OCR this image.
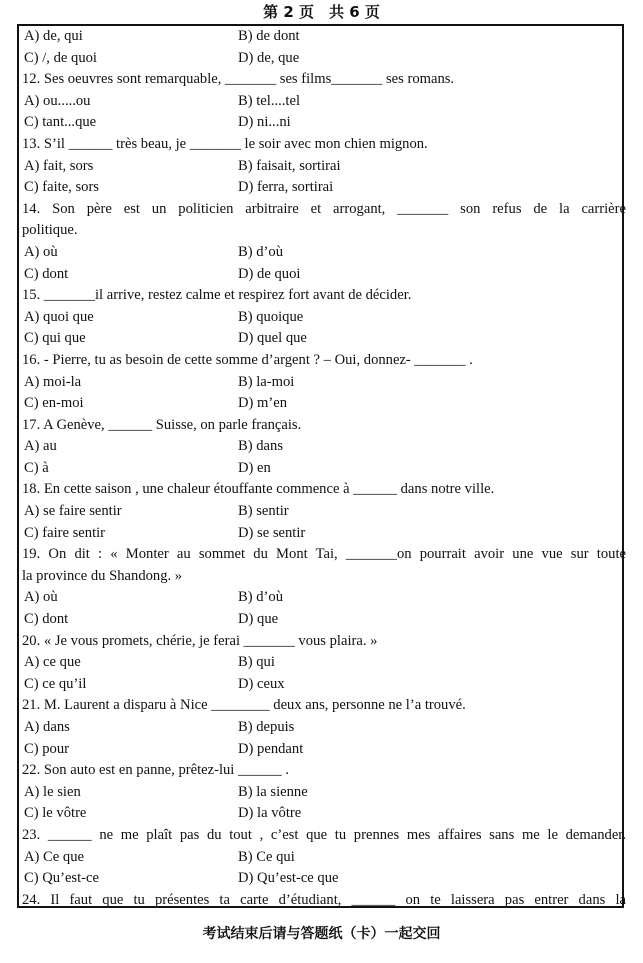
第 2 页　共 6 页
A) de, qui	B) de dont
C) /, de quoi	D) de, que
12. Ses oeuvres sont remarquable, _______ ses films_______ ses romans.
A) ou.....ou	B) tel....tel
C) tant...que	D) ni...ni
13. S’il ______ très beau, je _______ le soir avec mon chien mignon.
A) fait, sors	B) faisait, sortirai
C) faite, sors	D) ferra, sortirai
14. Son père est un politicien arbitraire et arrogant, _______ son refus de la carrière
politique.
A) où	B) d’où
C) dont	D) de quoi
15. _______il arrive, restez calme et respirez fort avant de décider.
A) quoi que	B) quoique
C) qui que	D) quel que
16. - Pierre, tu as besoin de cette somme d’argent ? – Oui, donnez- _______ .
A) moi-la	B) la-moi
C) en-moi	D) m’en
17. A Genève, ______ Suisse, on parle français.
A) au	B) dans
C) à	D) en
18. En cette saison , une chaleur étouffante commence à ______ dans notre ville.
A) se faire sentir	B) sentir
C) faire sentir	D) se sentir
19. On dit : « Monter au sommet du Mont Tai, _______on pourrait avoir une vue sur toute
la province du Shandong. »
A) où	B) d’où
C) dont	D) que
20. « Je vous promets, chérie, je ferai _______ vous plaira. »
A) ce que	B) qui
C) ce qu’il	D) ceux
21. M. Laurent a disparu à Nice ________ deux ans, personne ne l’a trouvé.
A) dans	B) depuis
C) pour	D) pendant
22. Son auto est en panne, prêtez-lui ______ .
A) le sien	B) la sienne
C) le vôtre	D) la vôtre
23. ______ ne me plaît pas du tout , c’est que tu prennes mes affaires sans me le demander.
A) Ce que	B) Ce qui
C) Qu’est-ce	D) Qu’est-ce que
24. Il faut que tu présentes ta carte d’étudiant, ______ on te laissera pas entrer dans la
考试结束后请与答题纸（卡）一起交回
